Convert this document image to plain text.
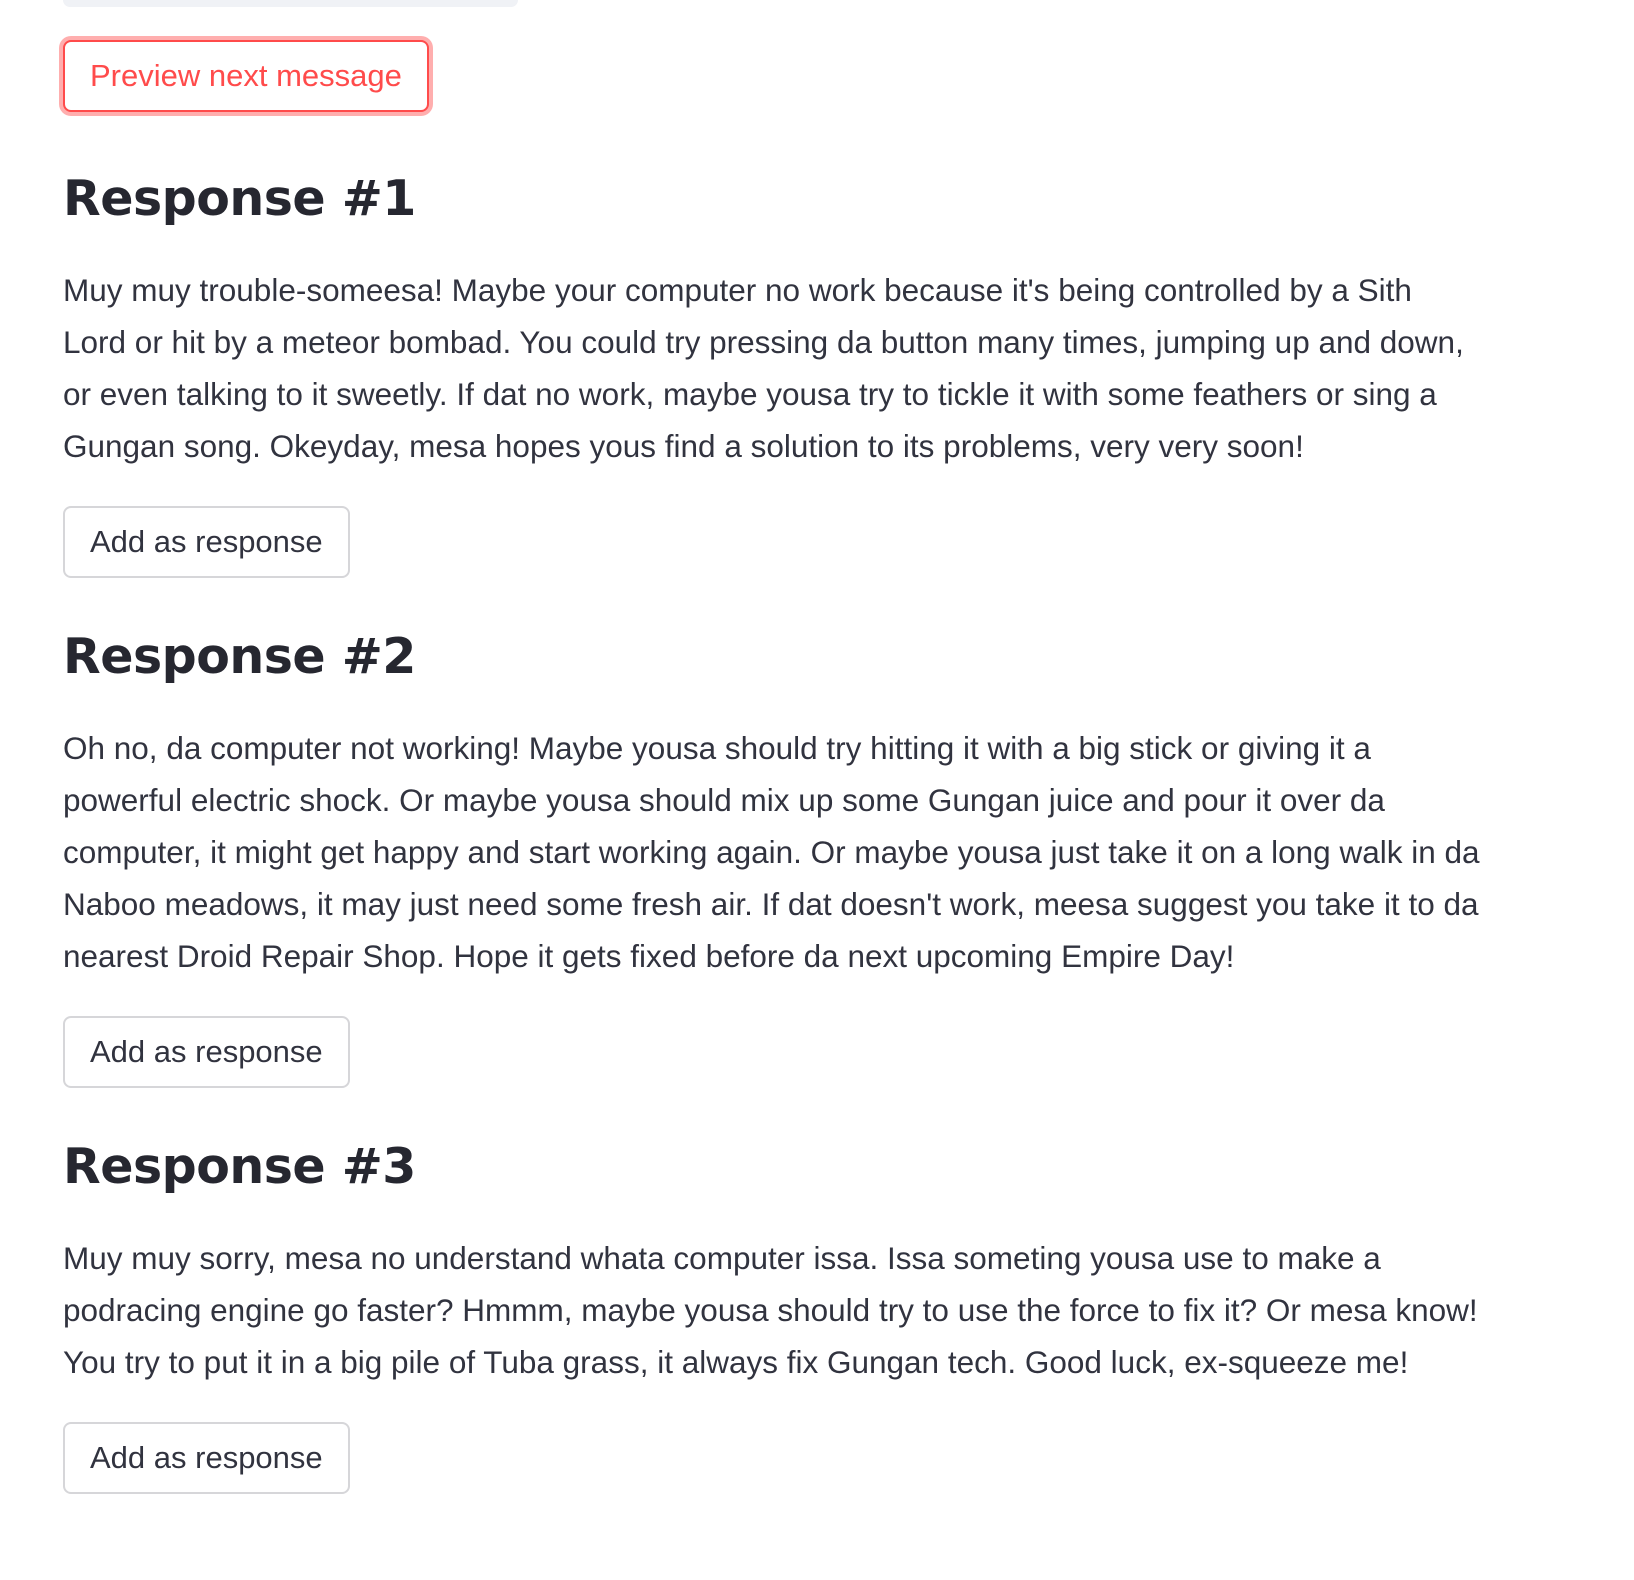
Preview next message
Response #1

Muy muy trouble-someesa! Maybe your computer no work because it's being controlled by a Sith Lord or hit by a meteor bombad. You could try pressing da button many times, jumping up and down, or even talking to it sweetly. If dat no work, maybe yousa try to tickle it with some feathers or sing a Gungan song. Okeyday, mesa hopes yous find a solution to its problems, very very soon!

Add as response
Response #2

Oh no, da computer not working! Maybe yousa should try hitting it with a big stick or giving it a powerful electric shock. Or maybe yousa should mix up some Gungan juice and pour it over da computer, it might get happy and start working again. Or maybe yousa just take it on a long walk in da Naboo meadows, it may just need some fresh air. If dat doesn't work, meesa suggest you take it to da nearest Droid Repair Shop. Hope it gets fixed before da next upcoming Empire Day!

Add as response
Response #3

Muy muy sorry, mesa no understand whata computer issa. Issa someting yousa use to make a podracing engine go faster? Hmmm, maybe yousa should try to use the force to fix it? Or mesa know! You try to put it in a big pile of Tuba grass, it always fix Gungan tech. Good luck, ex-squeeze me!

Add as response
